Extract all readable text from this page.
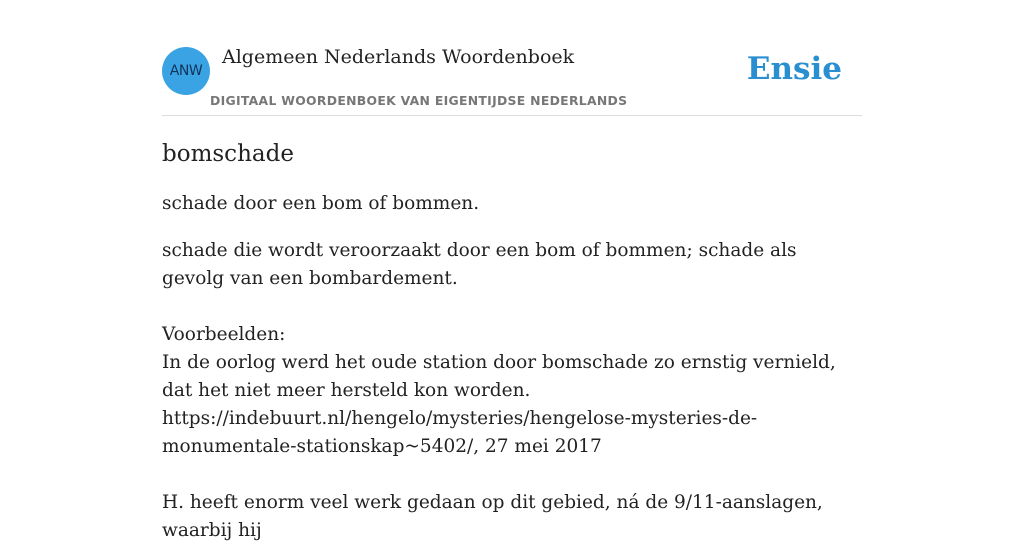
ANW
Algemeen Nederlands Woordenboek
DIGITAAL WOORDENBOEK VAN EIGENTIJDSE NEDERLANDS
Ensie
bomschade

schade door een bom of bommen.

schade die wordt veroorzaakt door een bom of bommen; schade als gevolg van een bombardement.

Voorbeelden:
In de oorlog werd het oude station door bomschade zo ernstig vernield, dat het niet meer hersteld kon worden.
https://indebuurt.nl/hengelo/mysteries/hengelose-mysteries-de-monumentale-stationskap~5402/, 27 mei 2017
H. heeft enorm veel werk gedaan op dit gebied, ná de 9/11-aanslagen, waarbij hij
